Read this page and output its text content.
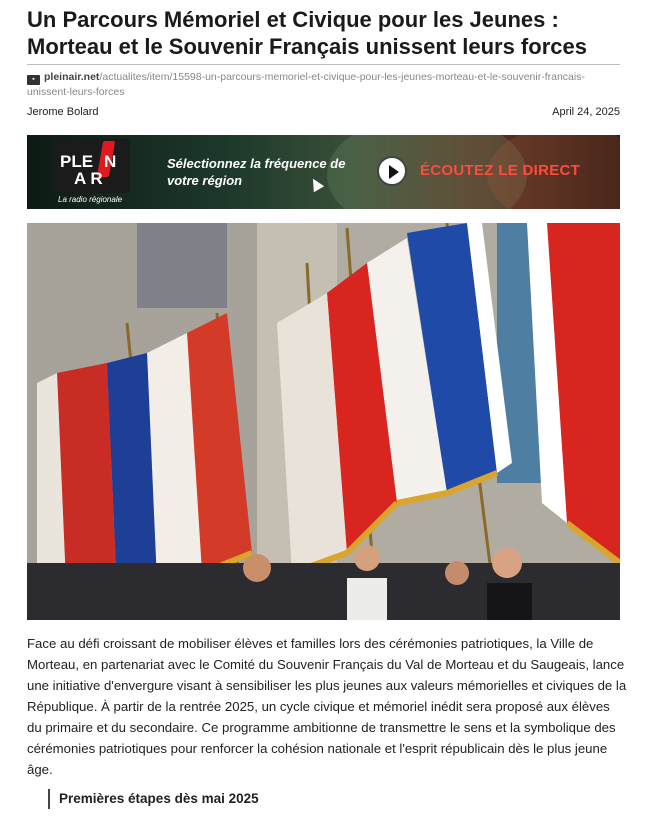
Un Parcours Mémoriel et Civique pour les Jeunes : Morteau et le Souvenir Français unissent leurs forces
▪ pleinair.net/actualites/item/15598-un-parcours-memoriel-et-civique-pour-les-jeunes-morteau-et-le-souvenir-francais-unissent-leurs-forces
Jerome Bolard	April 24, 2025
PLE N
A R
La radio régionale
Sélectionnez la fréquence de votre région
ÉCOUTEZ LE DIRECT

Face au défi croissant de mobiliser élèves et familles lors des cérémonies patriotiques, la Ville de Morteau, en partenariat avec le Comité du Souvenir Français du Val de Morteau et du Saugeais, lance une initiative d'envergure visant à sensibiliser les plus jeunes aux valeurs mémorielles et civiques de la République. À partir de la rentrée 2025, un cycle civique et mémoriel inédit sera proposé aux élèves du primaire et du secondaire. Ce programme ambitionne de transmettre le sens et la symbolique des cérémonies patriotiques pour renforcer la cohésion nationale et l'esprit républicain dès le plus jeune âge.

Premières étapes dès mai 2025
